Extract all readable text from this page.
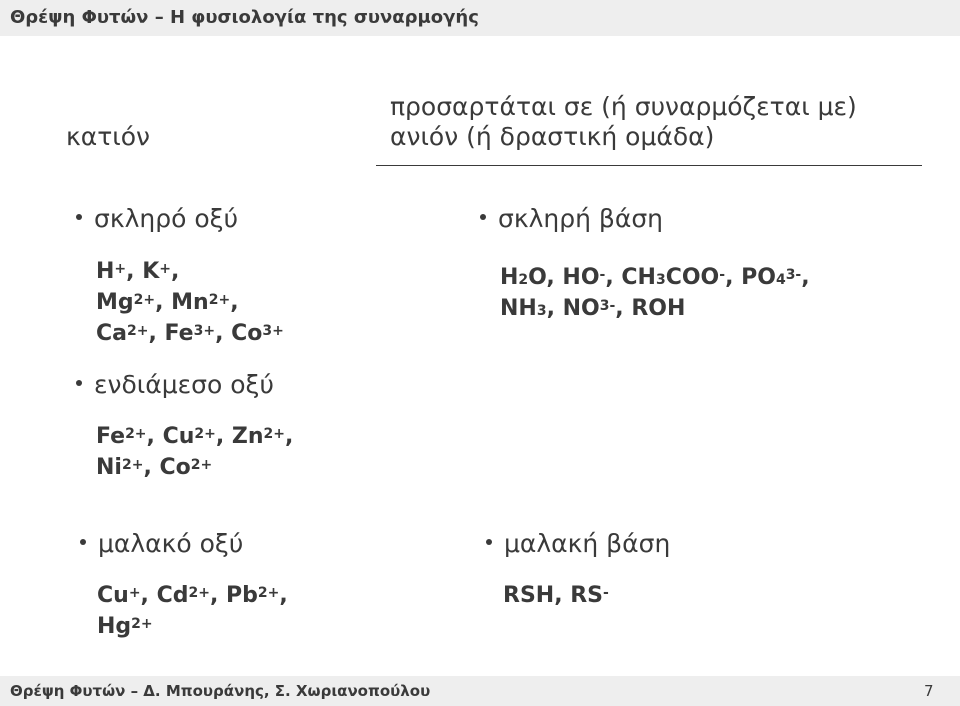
Θρέψη Φυτών – Η φυσιολογία της συναρμογής
κατιόν
προσαρτάται σε (ή συναρμόζεται με)
ανιόν (ή δραστική ομάδα)
σκληρό οξύ
H+, K+,
$Mg^{2+}$, $Mn^{2+}$,
$Ca^{2+}$, $Fe^{3+}$, $Co^{3+}$
ενδιάμεσο οξύ
$Fe^{2+}$, $Cu^{2+}$, $Zn^{2+}$,
$Ni^{2+}$, $Co^{2+}$
μαλακό οξύ
Cu+, $Cd^{2+}$, $Pb^{2+}$,
$Hg^{2+}$
σκληρή βάση
$H_2O$, HO-, $CH_3COO^-$, $PO_4^{3-}$,
$NH_3$, $NO^{3-}$, ROH
μαλακή βάση
RSH, RS-
Θρέψη Φυτών – Δ. Μπουράνης, Σ. Χωριανοπούλου	7
